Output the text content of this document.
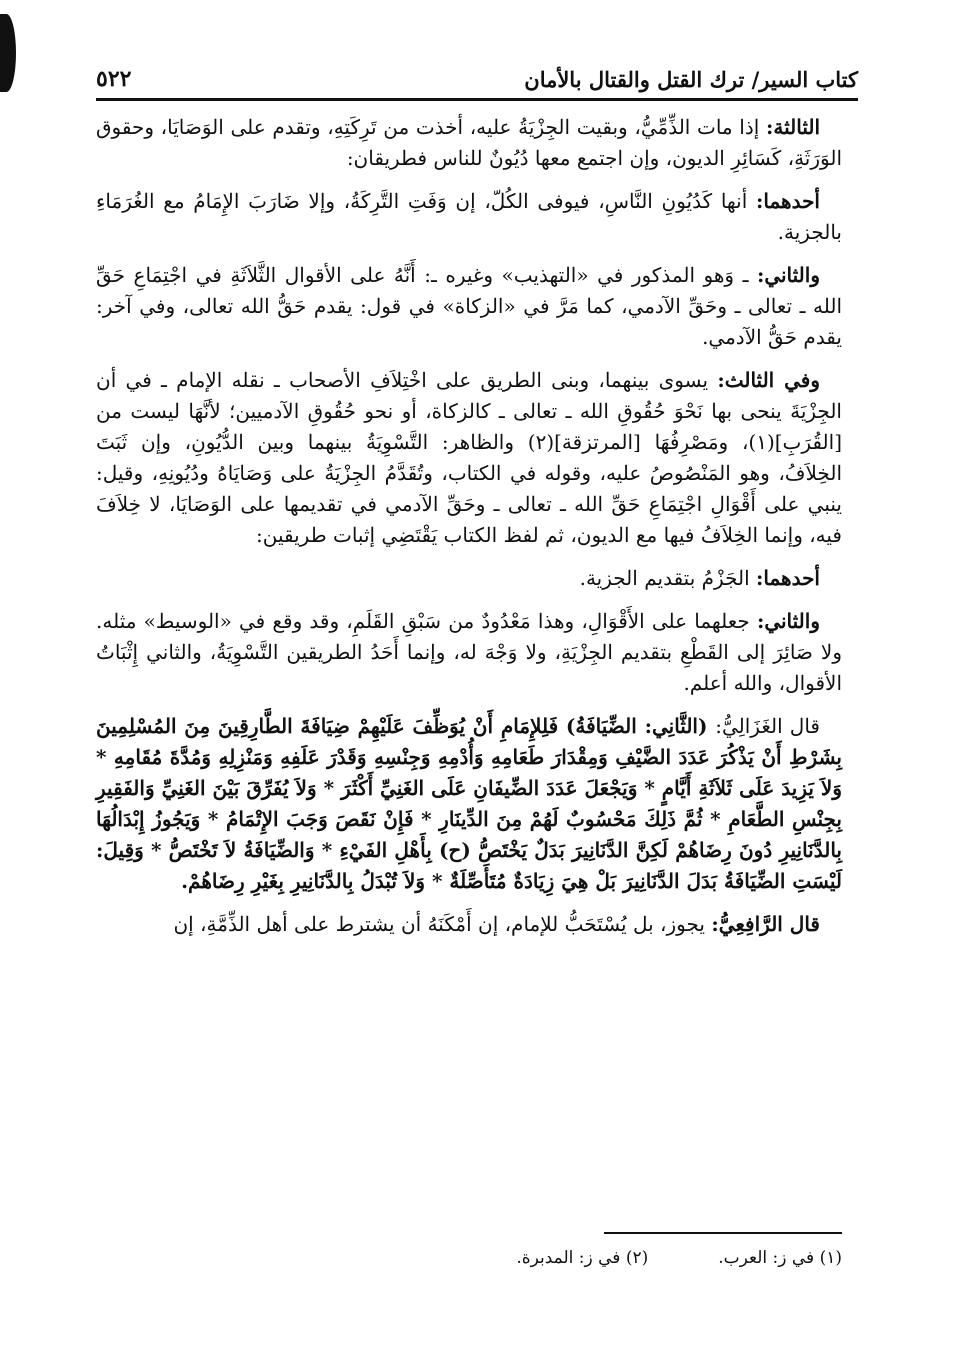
كتاب السير/ ترك القتل والقتال بالأمان
٥٢٢

الثالثة: إذا مات الذِّمِّيُّ، وبقيت الجِزْيَةُ عليه، أخذت من تَرِكَتِهِ، وتقدم على الوَصَايَا، وحقوق الوَرَثَةِ، كَسَائِرِ الديون، وإن اجتمع معها دُيُونٌ للناس فطريقان:

أحدهما: أنها كَدُيُونِ النَّاسِ، فيوفى الكُلّ، إن وَفَتِ التَّرِكَةُ، وإلا ضَارَبَ الإِمَامُ مع الغُرَمَاءِ بالجزية.

والثاني: ـ وَهو المذكور في «التهذيب» وغيره ـ: أَنَّهُ على الأقوال الثَّلاَثَةِ في اجْتِمَاعِ حَقِّ الله ـ تعالى ـ وحَقِّ الآدمي، كما مَرَّ في «الزكاة» في قول: يقدم حَقُّ الله تعالى، وفي آخر: يقدم حَقُّ الآدمي.

وفي الثالث: يسوى بينهما، وبنى الطريق على اخْتِلاَفِ الأصحاب ـ نقله الإمام ـ في أن الجِزْيَةَ ينحى بها نَحْوَ حُقُوقِ الله ـ تعالى ـ كالزكاة، أو نحو حُقُوقِ الآدميين؛ لأنَّهَا ليست من [القُرَبِ](١)، ومَصْرِفُهَا [المرتزقة](٢) والظاهر: التَّسْوِيَةُ بينهما وبين الدُّيُونِ، وإن ثَبَتَ الخِلاَفُ، وهو المَنْصُوصُ عليه، وقوله في الكتاب، وتُقَدَّمُ الجِزْيَةُ على وَصَايَاهُ ودُيُونِهِ، وقيل: ينبي على أَقْوَالِ اجْتِمَاعِ حَقِّ الله ـ تعالى ـ وحَقِّ الآدمي في تقديمها على الوَصَايَا، لا خِلاَفَ فيه، وإنما الخِلاَفُ فيها مع الديون، ثم لفظ الكتاب يَقْتَضِي إثبات طريقين:

أحدهما: الجَزْمُ بتقديم الجزية.

والثاني: جعلهما على الأَقْوَالِ، وهذا مَعْدُودٌ من سَبْقِ القَلَمِ، وقد وقع في «الوسيط» مثله. ولا صَائِرَ إلى القَطْعِ بتقديم الجِزْيَةِ، ولا وَجْهَ له، وإنما أَحَدُ الطريقين التَّسْوِيَةُ، والثاني إِثْبَاتُ الأقوال، والله أعلم.

قال الغَزَالِيُّ: (الثَّانِي: الضِّيَافَةُ) فَلِلإِمَامِ أَنْ يُوَظِّفَ عَلَيْهِمْ ضِيَافَةَ الطَّارِقِينَ مِنَ المُسْلِمِينَ بِشَرْطِ أَنْ يَذْكُرَ عَدَدَ الضَّيْفِ وَمِقْدَارَ طَعَامِهِ وَأُدْمِهِ وَجِنْسِهِ وَقَدْرَ عَلَفِهِ وَمَنْزِلِهِ وَمُدَّةَ مُقَامِهِ * وَلاَ يَزِيدَ عَلَى ثَلاَثَةِ أَيَّامٍ * وَيَجْعَلَ عَدَدَ الضِّيفَانِ عَلَى الغَنِيِّ أَكْثَرَ * وَلاَ يُفَرِّقَ بَيْنَ الغَنِيِّ وَالفَقِيرِ بِجِنْسِ الطَّعَامِ * ثُمَّ ذَلِكَ مَحْسُوبٌ لَهُمْ مِنَ الدِّينَارِ * فَإِنْ نَقَصَ وَجَبَ الإِتْمَامُ * وَيَجُوزُ إِبْدَالُهَا بِالدَّنَانِيرِ دُونَ رِضَاهُمْ لَكِنَّ الدَّنَانِيرَ بَدَلٌ يَخْتَصُّ (ح) بِأَهْلِ الفَيْءِ * وَالضِّيَافَةُ لاَ تَخْتَصُّ * وَقِيلَ: لَيْسَتِ الضِّيَافَةُ بَدَلَ الدَّنَانِيرَ بَلْ هِيَ زِيَادَةٌ مُتَأَصِّلَةٌ * وَلاَ تُبْدَلُ بِالدَّنَانِيرِ بِغَيْرِ رِضَاهُمْ.

قال الرَّافِعِيُّ: يجوز، بل يُسْتَحَبُّ للإمام، إن أَمْكَنَهُ أن يشترط على أهل الذِّمَّةِ، إن

(١) في ز: العرب.
(٢) في ز: المدبرة.
